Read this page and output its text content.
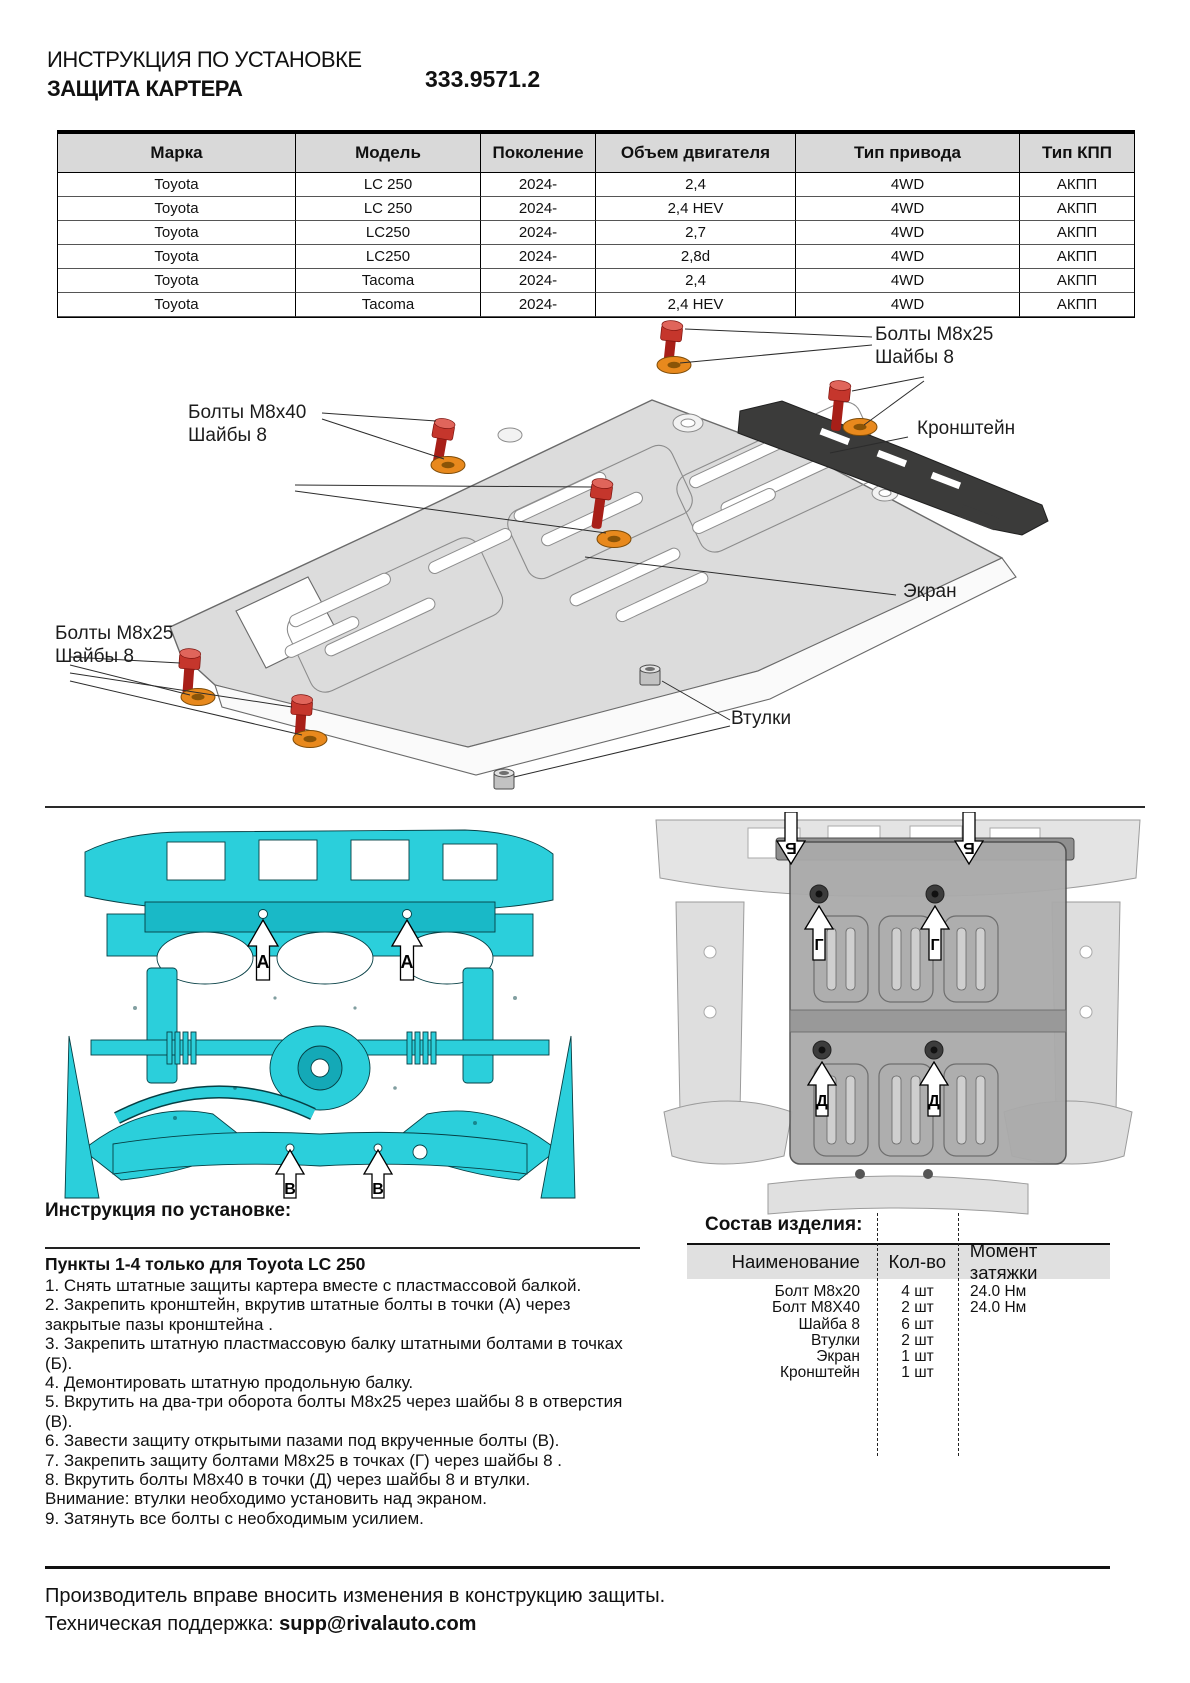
ИНСТРУКЦИЯ ПО УСТАНОВКЕ
ЗАЩИТА КАРТЕРА	333.9571.2
Марка	Модель	Поколение	Объем двигателя	Тип привода	Тип КПП
Toyota	LC 250	2024-	2,4	4WD	АКПП
Toyota	LC 250	2024-	2,4 HEV	4WD	АКПП
Toyota	LC250	2024-	2,7	4WD	АКПП
Toyota	LC250	2024-	2,8d	4WD	АКПП
Toyota	Tacoma	2024-	2,4	4WD	АКПП
Toyota	Tacoma	2024-	2,4 HEV	4WD	АКПП
Болты М8х25
Шайбы 8
Болты М8х40
Шайбы 8	Кронштейн
Экран
Болты М8х25
Шайбы 8
Втулки
А	А
В	В
Б	Б
Г	Г
Д	Д
Инструкция по установке:
Пункты 1-4 только для Toyota LC 250
1. Снять штатные защиты картера вместе с пластмассовой балкой.
2. Закрепить кронштейн, вкрутив штатные болты в точки (А) через закрытые пазы кронштейна .
3. Закрепить штатную пластмассовую балку штатными болтами в точках (Б).
4. Демонтировать штатную продольную балку.
5. Вкрутить на два-три оборота болты М8х25 через шайбы 8 в отверстия (В).
6. Завести защиту открытыми пазами под вкрученные болты (В).
7. Закрепить защиту болтами М8х25 в точках (Г) через шайбы 8 .
8. Вкрутить болты М8х40 в точки (Д) через шайбы 8 и втулки.
Внимание: втулки необходимо установить над экраном.
9. Затянуть все болты с необходимым усилием.
Состав изделия:
Наименование	Кол-во
Момент затяжки
Болт М8х20	4 шт	24.0 Нм
Болт М8Х40	2 шт	24.0 Нм
Шайба 8	6 шт
Втулки	2 шт
Экран	1 шт
Кронштейн	1 шт
Производитель вправе вносить изменения в конструкцию защиты.
Техническая поддержка: supp@rivalauto.com
